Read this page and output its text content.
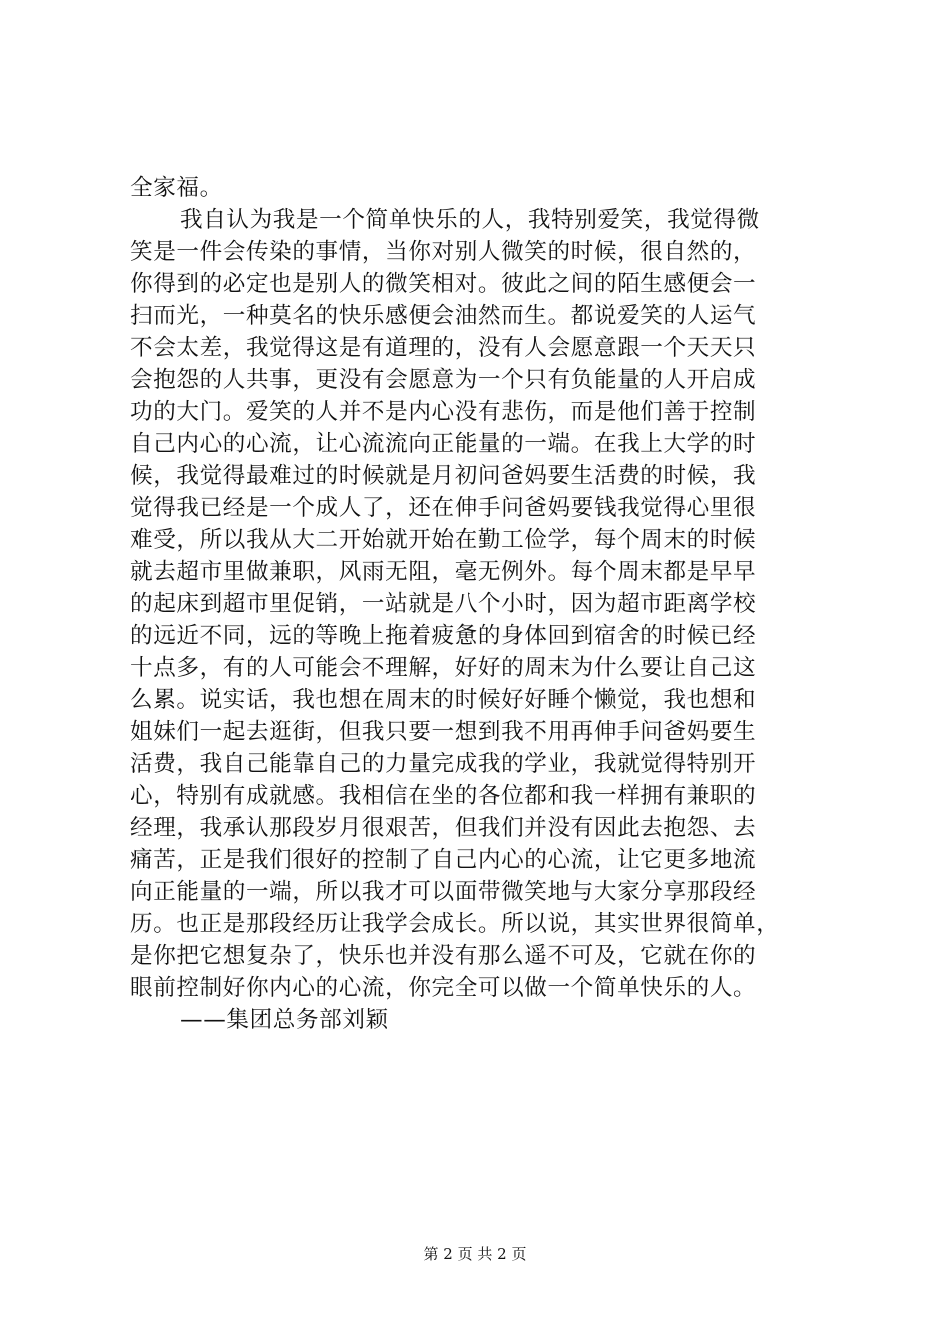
全家福。
我自认为我是一个简单快乐的人，我特别爱笑，我觉得微
笑是一件会传染的事情，当你对别人微笑的时候，很自然的，
你得到的必定也是别人的微笑相对。彼此之间的陌生感便会一
扫而光，一种莫名的快乐感便会油然而生。都说爱笑的人运气
不会太差，我觉得这是有道理的，没有人会愿意跟一个天天只
会抱怨的人共事，更没有会愿意为一个只有负能量的人开启成
功的大门。爱笑的人并不是内心没有悲伤，而是他们善于控制
自己内心的心流，让心流流向正能量的一端。在我上大学的时
候，我觉得最难过的时候就是月初问爸妈要生活费的时候，我
觉得我已经是一个成人了，还在伸手问爸妈要钱我觉得心里很
难受，所以我从大二开始就开始在勤工俭学，每个周末的时候
就去超市里做兼职，风雨无阻，毫无例外。每个周末都是早早
的起床到超市里促销，一站就是八个小时，因为超市距离学校
的远近不同，远的等晚上拖着疲惫的身体回到宿舍的时候已经
十点多，有的人可能会不理解，好好的周末为什么要让自己这
么累。说实话，我也想在周末的时候好好睡个懒觉，我也想和
姐妹们一起去逛街，但我只要一想到我不用再伸手问爸妈要生
活费，我自己能靠自己的力量完成我的学业，我就觉得特别开
心，特别有成就感。我相信在坐的各位都和我一样拥有兼职的
经理，我承认那段岁月很艰苦，但我们并没有因此去抱怨、去
痛苦，正是我们很好的控制了自己内心的心流，让它更多地流
向正能量的一端，所以我才可以面带微笑地与大家分享那段经
历。也正是那段经历让我学会成长。所以说，其实世界很简单，
是你把它想复杂了，快乐也并没有那么遥不可及，它就在你的
眼前控制好你内心的心流，你完全可以做一个简单快乐的人。
——集团总务部刘颖
第 2 页 共 2 页
